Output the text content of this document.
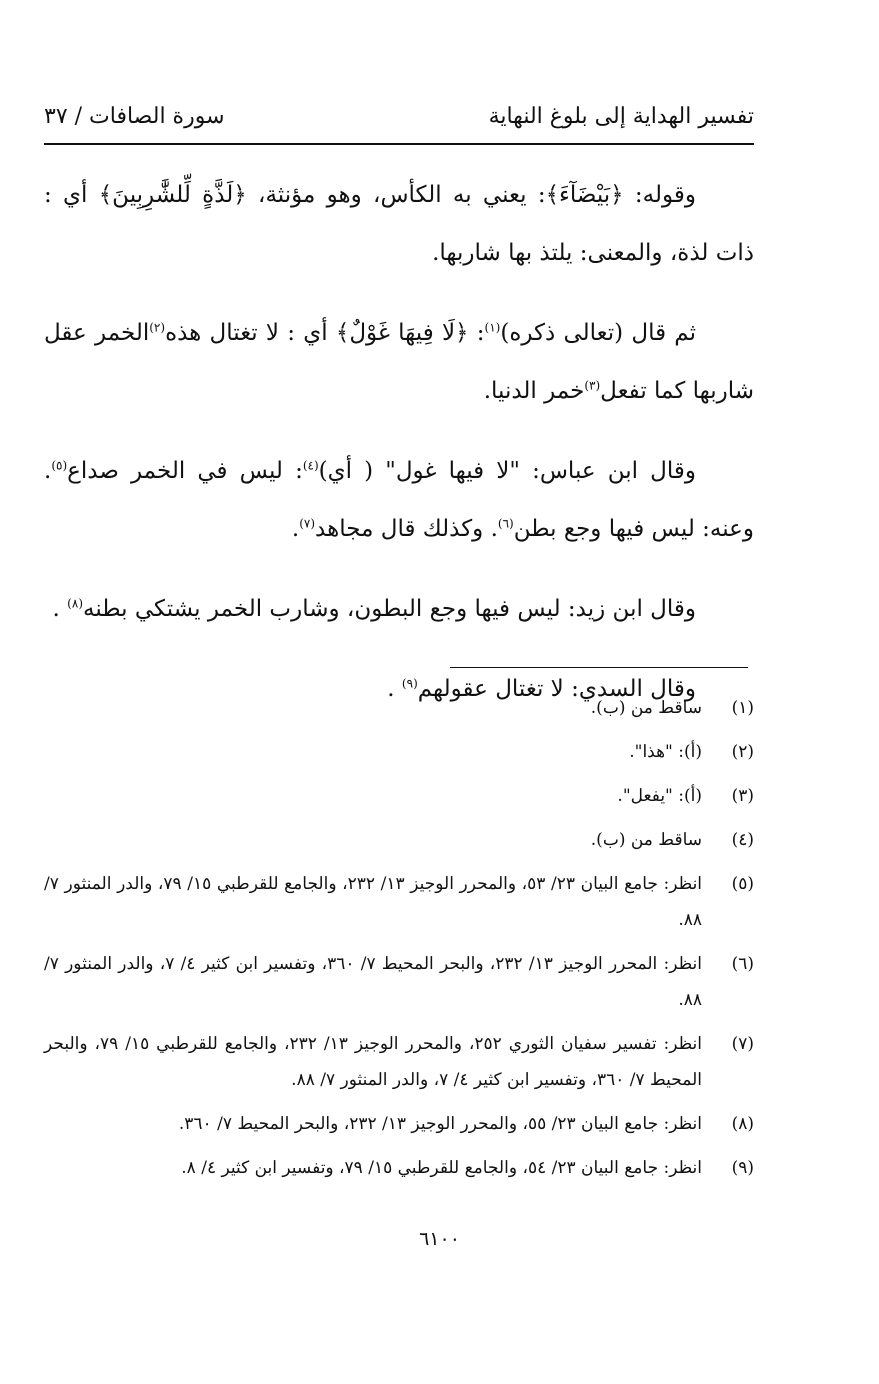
تفسير الهداية إلى بلوغ النهاية
سورة الصافات / ٣٧

وقوله: ﴿بَيْضَآءَ﴾: يعني به الكأس، وهو مؤنثة، ﴿لَذَّةٍ لِّلشَّٰرِبِينَ﴾ أي : ذات لذة، والمعنى: يلتذ بها شاربها.

ثم قال (تعالى ذكره)$^{(١)}$: ﴿لَا فِيهَا غَوْلٌ﴾ أي : لا تغتال هذه$^{(٢)}$الخمر عقل شاربها كما تفعل$^{(٣)}$خمر الدنيا.

وقال ابن عباس: "لا فيها غول" ( أي)$^{(٤)}$: ليس في الخمر صداع$^{(٥)}$. وعنه: ليس فيها وجع بطن$^{(٦)}$. وكذلك قال مجاهد$^{(٧)}$.

وقال ابن زيد: ليس فيها وجع البطون، وشارب الخمر يشتكي بطنه$^{(٨)}$ .

وقال السدي: لا تغتال عقولهم$^{(٩)}$ .

(١)
ساقط من (ب).
(٢)
(أ): "هذا".
(٣)
(أ): "يفعل".
(٤)
ساقط من (ب).
(٥)
انظر: جامع البيان ٢٣/ ٥٣، والمحرر الوجيز ١٣/ ٢٣٢، والجامع للقرطبي ١٥/ ٧٩، والدر المنثور ٧/ ٨٨.
(٦)
انظر: المحرر الوجيز ١٣/ ٢٣٢، والبحر المحيط ٧/ ٣٦٠، وتفسير ابن كثير ٤/ ٧، والدر المنثور ٧/ ٨٨.
(٧)
انظر: تفسير سفيان الثوري ٢٥٢، والمحرر الوجيز ١٣/ ٢٣٢، والجامع للقرطبي ١٥/ ٧٩، والبحر المحيط ٧/ ٣٦٠، وتفسير ابن كثير ٤/ ٧، والدر المنثور ٧/ ٨٨.
(٨)
انظر: جامع البيان ٢٣/ ٥٥، والمحرر الوجيز ١٣/ ٢٣٢، والبحر المحيط ٧/ ٣٦٠.
(٩)
انظر: جامع البيان ٢٣/ ٥٤، والجامع للقرطبي ١٥/ ٧٩، وتفسير ابن كثير ٤/ ٨.
٦١٠٠
